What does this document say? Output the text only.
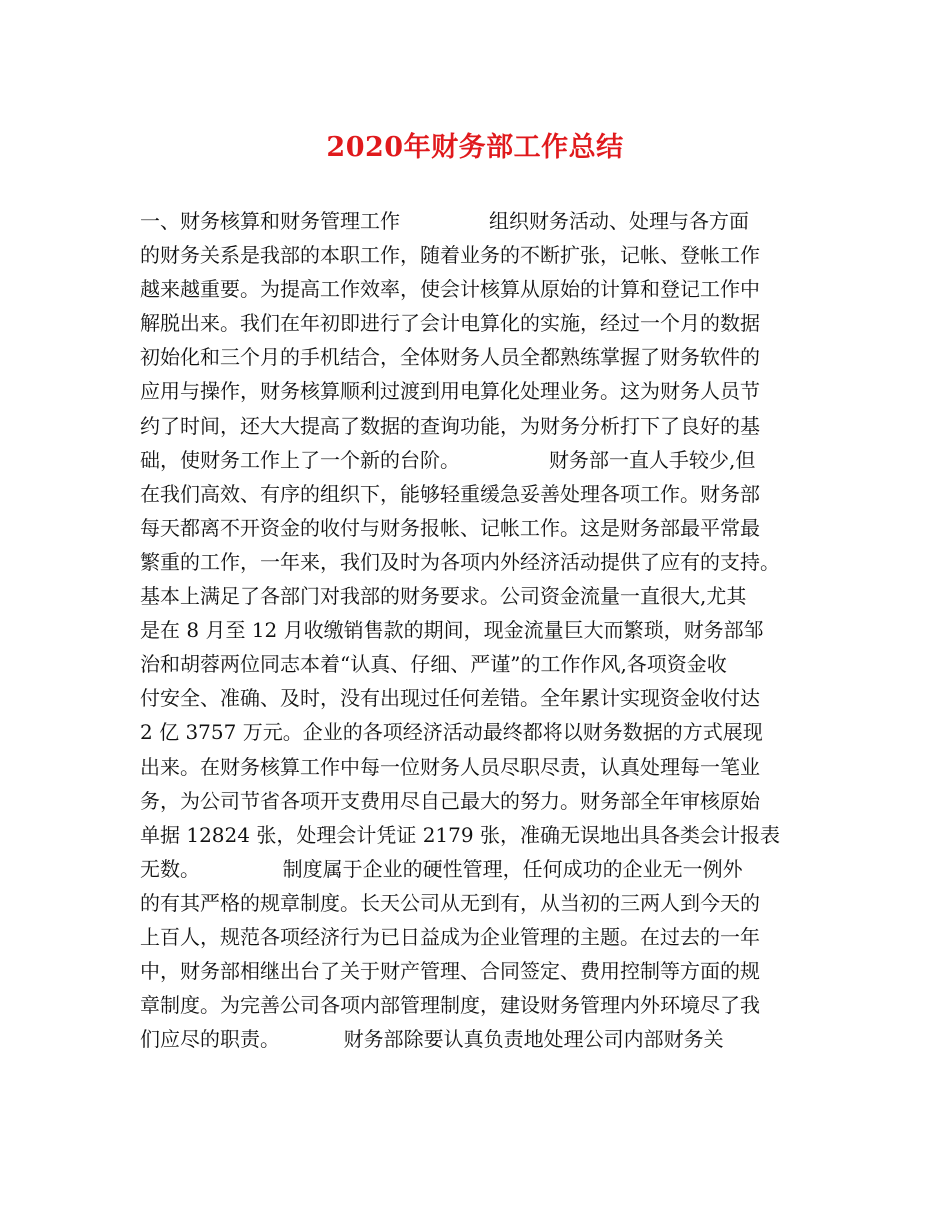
2020年财务部工作总结
一、财务核算和财务管理工作              组织财务活动、处理与各方面
的财务关系是我部的本职工作，随着业务的不断扩张，记帐、登帐工作
越来越重要。为提高工作效率，使会计核算从原始的计算和登记工作中
解脱出来。我们在年初即进行了会计电算化的实施，经过一个月的数据
初始化和三个月的手机结合，全体财务人员全都熟练掌握了财务软件的
应用与操作，财务核算顺利过渡到用电算化处理业务。这为财务人员节
约了时间，还大大提高了数据的查询功能，为财务分析打下了良好的基
础，使财务工作上了一个新的台阶。              财务部一直人手较少,但
在我们高效、有序的组织下，能够轻重缓急妥善处理各项工作。财务部
每天都离不开资金的收付与财务报帐、记帐工作。这是财务部最平常最
繁重的工作，一年来，我们及时为各项内外经济活动提供了应有的支持。
基本上满足了各部门对我部的财务要求。公司资金流量一直很大,尤其
是在 8 月至 12 月收缴销售款的期间，现金流量巨大而繁琐，财务部邹
治和胡蓉两位同志本着“认真、仔细、严谨”的工作作风,各项资金收
付安全、准确、及时，没有出现过任何差错。全年累计实现资金收付达
2 亿 3757 万元。企业的各项经济活动最终都将以财务数据的方式展现
出来。在财务核算工作中每一位财务人员尽职尽责，认真处理每一笔业
务，为公司节省各项开支费用尽自己最大的努力。财务部全年审核原始
单据 12824 张，处理会计凭证 2179 张，准确无误地出具各类会计报表
无数。             制度属于企业的硬性管理，任何成功的企业无一例外
的有其严格的规章制度。长天公司从无到有，从当初的三两人到今天的
上百人，规范各项经济行为已日益成为企业管理的主题。在过去的一年
中，财务部相继出台了关于财产管理、合同签定、费用控制等方面的规
章制度。为完善公司各项内部管理制度，建设财务管理内外环境尽了我
们应尽的职责。          财务部除要认真负责地处理公司内部财务关
